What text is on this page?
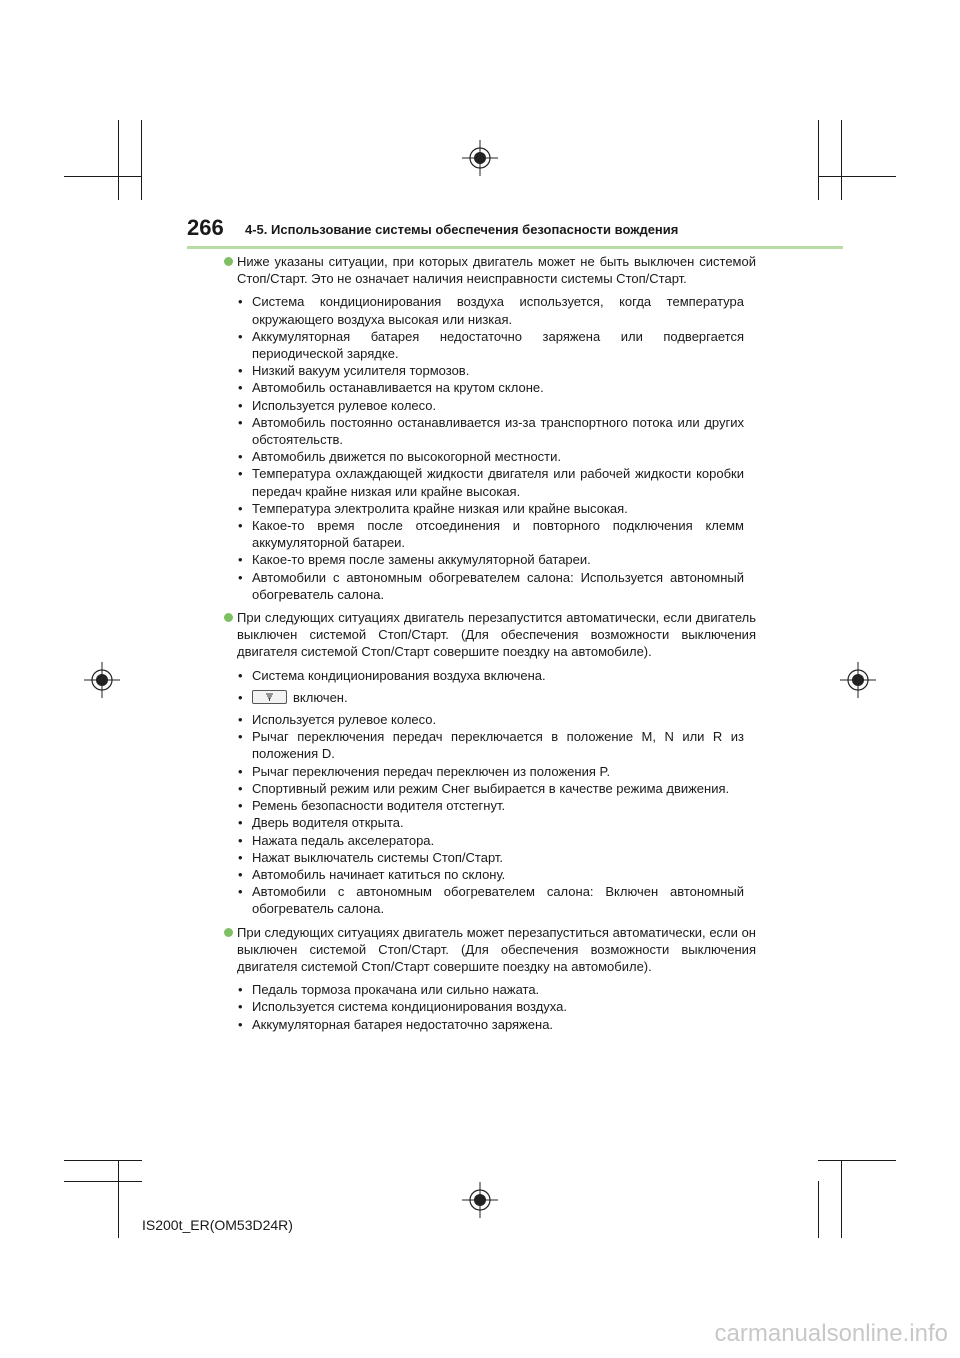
266 4-5. Использование системы обеспечения безопасности вождения

Ниже указаны ситуации, при которых двигатель может не быть выключен системой Стоп/Старт. Это не означает наличия неисправности системы Стоп/Старт.

• Система кондиционирования воздуха используется, когда температура окружающего воздуха высокая или низкая.
• Аккумуляторная батарея недостаточно заряжена или подвергается периодической зарядке.
• Низкий вакуум усилителя тормозов.
• Автомобиль останавливается на крутом склоне.
• Используется рулевое колесо.
• Автомобиль постоянно останавливается из-за транспортного потока или других обстоятельств.
• Автомобиль движется по высокогорной местности.
• Температура охлаждающей жидкости двигателя или рабочей жидкости коробки передач крайне низкая или крайне высокая.
• Температура электролита крайне низкая или крайне высокая.
• Какое-то время после отсоединения и повторного подключения клемм аккумуляторной батареи.
• Какое-то время после замены аккумуляторной батареи.
• Автомобили с автономным обогревателем салона: Используется автономный обогреватель салона.

При следующих ситуациях двигатель перезапустится автоматически, если двигатель выключен системой Стоп/Старт. (Для обеспечения возможности выключения двигателя системой Стоп/Старт совершите поездку на автомобиле).

• Система кондиционирования воздуха включена.
•	включен.
• Используется рулевое колесо.
• Рычаг переключения передач переключается в положение M, N или R из положения D.
• Рычаг переключения передач переключен из положения P.
• Спортивный режим или режим Снег выбирается в качестве режима движения.
• Ремень безопасности водителя отстегнут.
• Дверь водителя открыта.
• Нажата педаль акселератора.
• Нажат выключатель системы Стоп/Старт.
• Автомобиль начинает катиться по склону.
• Автомобили с автономным обогревателем салона: Включен автономный обогреватель салона.

При следующих ситуациях двигатель может перезапуститься автоматически, если он выключен системой Стоп/Старт. (Для обеспечения возможности выключения двигателя системой Стоп/Старт совершите поездку на автомобиле).

• Педаль тормоза прокачана или сильно нажата.
• Используется система кондиционирования воздуха.
• Аккумуляторная батарея недостаточно заряжена.
IS200t_ER(OM53D24R)
carmanualsonline.info
